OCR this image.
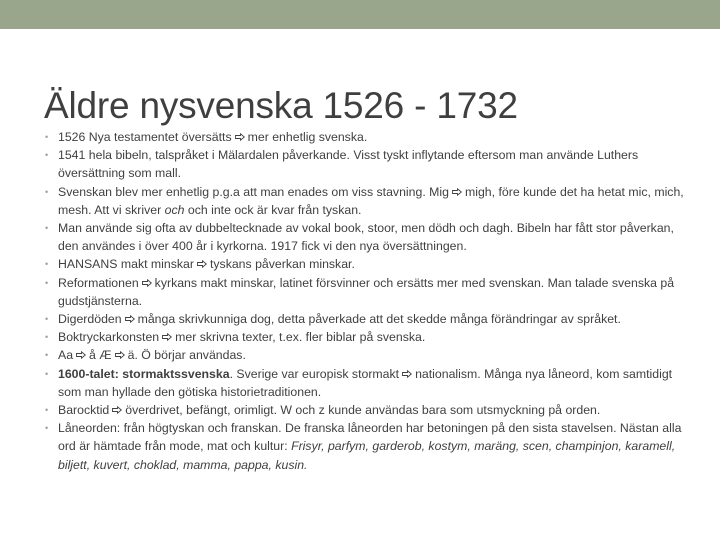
Äldre nysvenska 1526 - 1732
• 1526 Nya testamentet översätts mer enhetlig svenska.
• 1541 hela bibeln, talspråket i Mälardalen påverkande. Visst tyskt inflytande eftersom man använde Luthers översättning som mall.
• Svenskan blev mer enhetlig p.g.a att man enades om viss stavning. Mig migh, före kunde det ha hetat mic, mich, mesh. Att vi skriver och och inte ock är kvar från tyskan.
• Man använde sig ofta av dubbeltecknade av vokal book, stoor, men dödh och dagh. Bibeln har fått stor påverkan, den användes i över 400 år i kyrkorna. 1917 fick vi den nya översättningen.
• HANSANS makt minskar tyskans påverkan minskar.
• Reformationen kyrkans makt minskar, latinet försvinner och ersätts mer med svenskan. Man talade svenska på gudstjänsterna.
• Digerdöden många skrivkunniga dog, detta påverkade att det skedde många förändringar av språket.
• Boktryckarkonsten mer skrivna texter, t.ex. fler biblar på svenska.
• Aa å Æ ä. Ö börjar användas.
• 1600-talet: stormaktssvenska. Sverige var europisk stormakt nationalism. Många nya låneord, kom samtidigt som man hyllade den götiska historietraditionen.
• Barocktid överdrivet, befängt, orimligt. W och z kunde användas bara som utsmyckning på orden.
• Låneorden: från högtyskan och franskan. De franska låneorden har betoningen på den sista stavelsen. Nästan alla ord är hämtade från mode, mat och kultur: Frisyr, parfym, garderob, kostym, maräng, scen, champinjon, karamell, biljett, kuvert, choklad, mamma, pappa, kusin.
